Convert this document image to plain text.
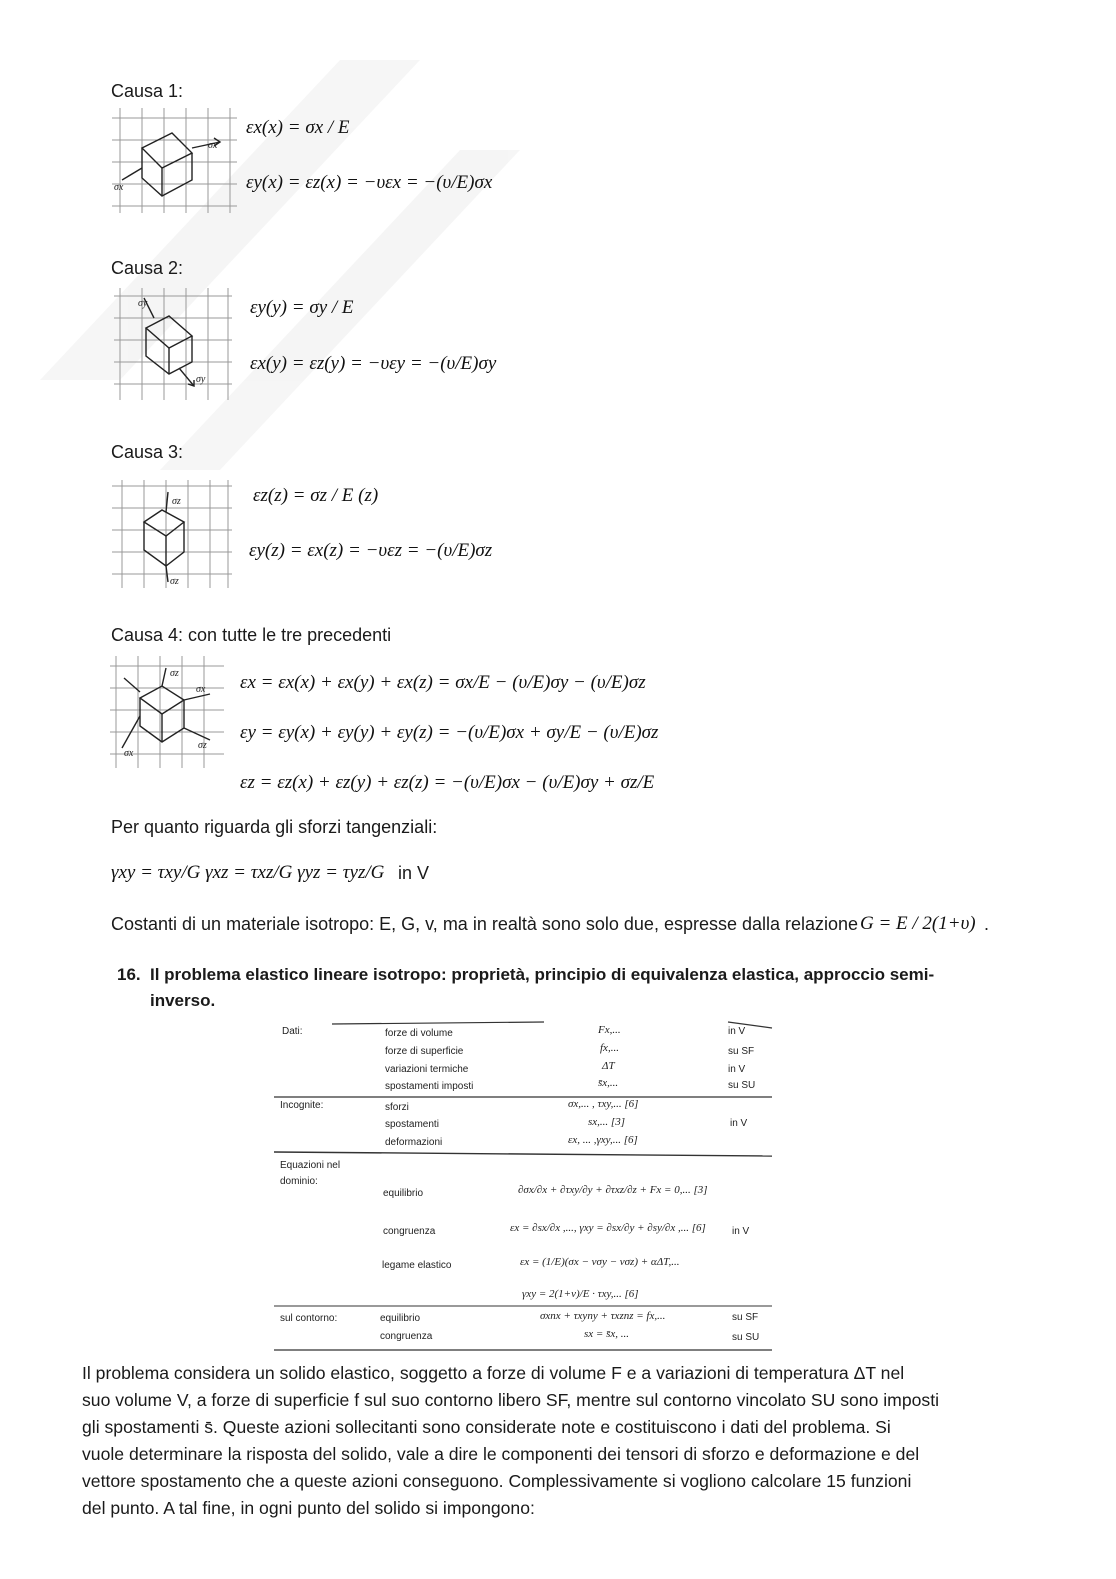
Causa 1:
σx
σx
εx(x) = σx / E
εy(x) = εz(x) = −υεx = −(υ/E)σx
Causa 2:
σy
σy
εy(y) = σy / E
εx(y) = εz(y) = −υεy = −(υ/E)σy
Causa 3:
σz
σz
εz(z) = σz / E (z)
εy(z) = εx(z) = −υεz = −(υ/E)σz
Causa 4: con tutte le tre precedenti
σz
σx
σz
σx
εx = εx(x) + εx(y) + εx(z) = σx/E − (υ/E)σy − (υ/E)σz
εy = εy(x) + εy(y) + εy(z) = −(υ/E)σx + σy/E − (υ/E)σz
εz = εz(x) + εz(y) + εz(z) = −(υ/E)σx − (υ/E)σy + σz/E
Per quanto riguarda gli sforzi tangenziali:
γxy = τxy/G γxz = τxz/G γyz = τyz/G in V
Costanti di un materiale isotropo: E, G, v, ma in realtà sono solo due, espresse dalla relazione G = E / 2(1+υ) .
16. Il problema elastico lineare isotropo: proprietà, principio di equivalenza elastica, approccio semi-
inverso.
Dati:	forze di volume	Fx,...	in V
forze di superficie	fx,...	su SF
variazioni termiche	ΔT	in V
spostamenti imposti	s̄x,...	su SU
Incognite:	sforzi	σx,... , τxy,... [6]
spostamenti	sx,... [3]	in V
deformazioni	εx, ... ,γxy,... [6]
Equazioni nel dominio:
equilibrio	∂σx/∂x + ∂τxy/∂y + ∂τxz/∂z + Fx = 0,... [3]
congruenza	εx = ∂sx/∂x ,..., γxy = ∂sx/∂y + ∂sy/∂x ,... [6]	in V
legame elastico	εx = (1/E)(σx − νσy − νσz) + αΔT,...
γxy = 2(1+ν)/E · τxy,... [6]
sul contorno:	equilibrio	σxnx + τxyny + τxznz = fx,...	su SF
congruenza	sx = s̄x, ...	su SU
Il problema considera un solido elastico, soggetto a forze di volume F e a variazioni di temperatura ΔT nel
suo volume V, a forze di superficie f sul suo contorno libero SF, mentre sul contorno vincolato SU sono imposti
gli spostamenti s̄. Queste azioni sollecitanti sono considerate note e costituiscono i dati del problema. Si
vuole determinare la risposta del solido, vale a dire le componenti dei tensori di sforzo e deformazione e del
vettore spostamento che a queste azioni conseguono. Complessivamente si vogliono calcolare 15 funzioni
del punto. A tal fine, in ogni punto del solido si impongono:
